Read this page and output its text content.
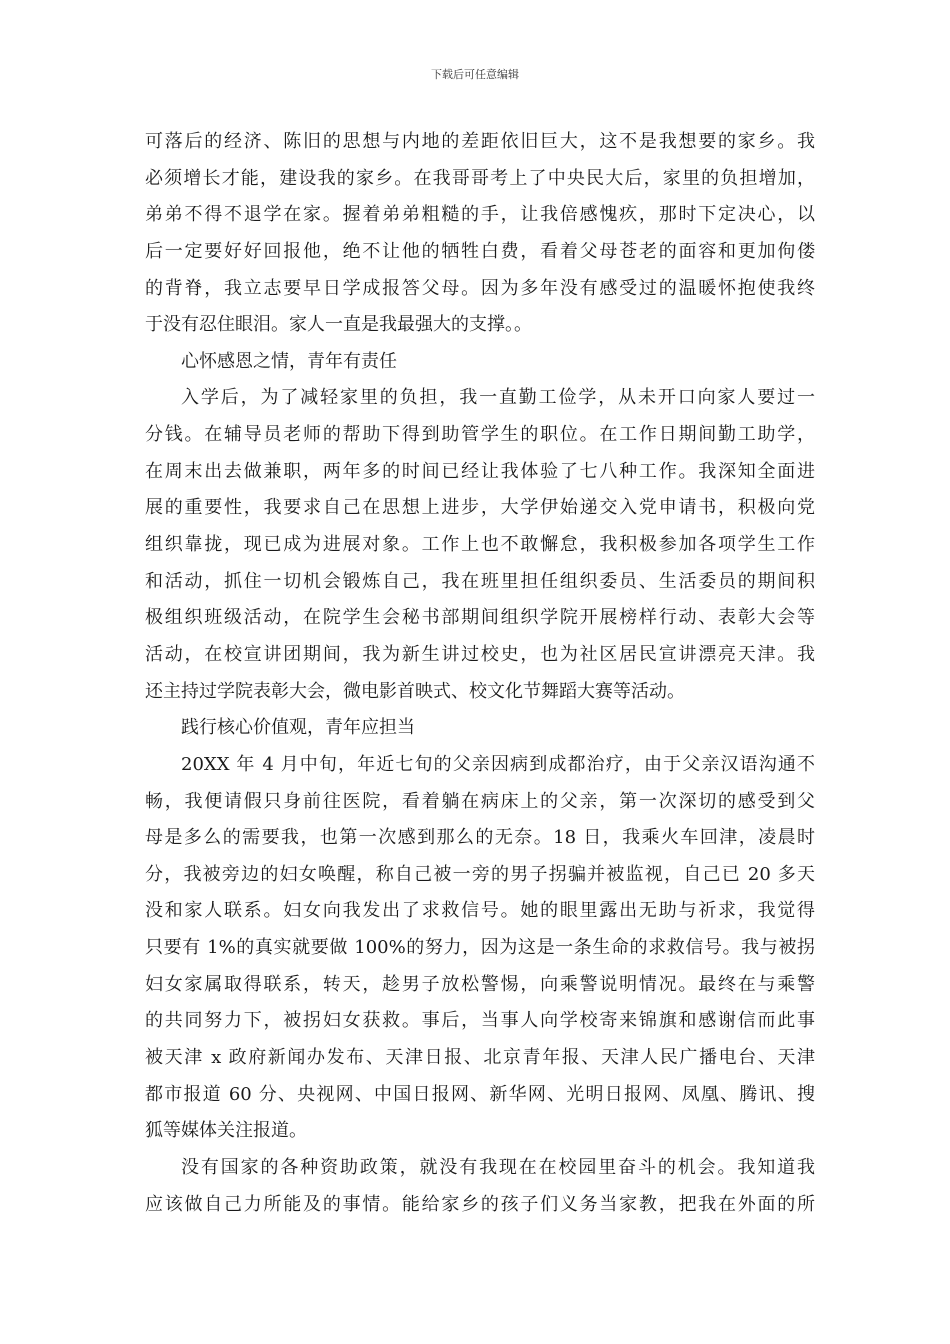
下载后可任意编辑
可落后的经济、陈旧的思想与内地的差距依旧巨大，这不是我想要的家乡。我
必须增长才能，建设我的家乡。在我哥哥考上了中央民大后，家里的负担增加，
弟弟不得不退学在家。握着弟弟粗糙的手，让我倍感愧疚，那时下定决心，以
后一定要好好回报他，绝不让他的牺牲白费，看着父母苍老的面容和更加佝偻
的背脊，我立志要早日学成报答父母。因为多年没有感受过的温暖怀抱使我终
于没有忍住眼泪。家人一直是我最强大的支撑。。
心怀感恩之情，青年有责任
入学后，为了减轻家里的负担，我一直勤工俭学，从未开口向家人要过一
分钱。在辅导员老师的帮助下得到助管学生的职位。在工作日期间勤工助学，
在周末出去做兼职，两年多的时间已经让我体验了七八种工作。我深知全面进
展的重要性，我要求自己在思想上进步，大学伊始递交入党申请书，积极向党
组织靠拢，现已成为进展对象。工作上也不敢懈怠，我积极参加各项学生工作
和活动，抓住一切机会锻炼自己，我在班里担任组织委员、生活委员的期间积
极组织班级活动，在院学生会秘书部期间组织学院开展榜样行动、表彰大会等
活动，在校宣讲团期间，我为新生讲过校史，也为社区居民宣讲漂亮天津。我
还主持过学院表彰大会，微电影首映式、校文化节舞蹈大赛等活动。
践行核心价值观，青年应担当
20XX 年 4 月中旬，年近七旬的父亲因病到成都治疗，由于父亲汉语沟通不
畅，我便请假只身前往医院，看着躺在病床上的父亲，第一次深切的感受到父
母是多么的需要我，也第一次感到那么的无奈。18 日，我乘火车回津，凌晨时
分，我被旁边的妇女唤醒，称自己被一旁的男子拐骗并被监视，自己已 20 多天
没和家人联系。妇女向我发出了求救信号。她的眼里露出无助与祈求，我觉得
只要有 1%的真实就要做 100%的努力，因为这是一条生命的求救信号。我与被拐
妇女家属取得联系，转天，趁男子放松警惕，向乘警说明情况。最终在与乘警
的共同努力下，被拐妇女获救。事后，当事人向学校寄来锦旗和感谢信而此事
被天津 x 政府新闻办发布、天津日报、北京青年报、天津人民广播电台、天津
都市报道 60 分、央视网、中国日报网、新华网、光明日报网、凤凰、腾讯、搜
狐等媒体关注报道。
没有国家的各种资助政策，就没有我现在在校园里奋斗的机会。我知道我
应该做自己力所能及的事情。能给家乡的孩子们义务当家教，把我在外面的所
